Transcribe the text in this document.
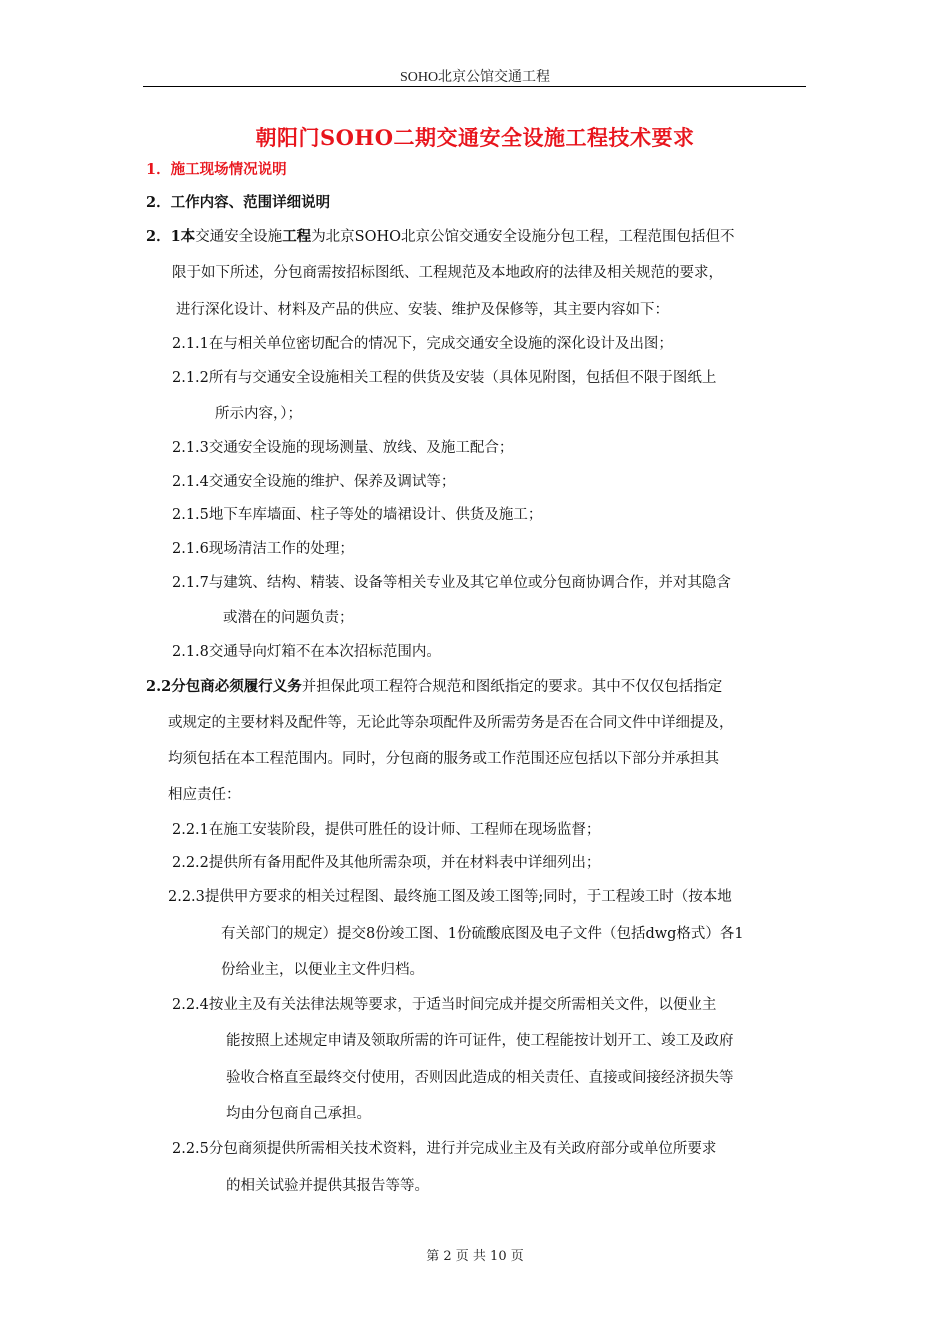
SOHO北京公馆交通工程
朝阳门SOHO二期交通安全设施工程技术要求
1．施工现场情况说明
2．工作内容、范围详细说明
2．1本交通安全设施工程为北京SOHO北京公馆交通安全设施分包工程，工程范围包括但不
限于如下所述，分包商需按招标图纸、工程规范及本地政府的法律及相关规范的要求，
进行深化设计、材料及产品的供应、安装、维护及保修等，其主要内容如下：
2.1.1在与相关单位密切配合的情况下，完成交通安全设施的深化设计及出图；
2.1.2所有与交通安全设施相关工程的供货及安装（具体见附图，包括但不限于图纸上
所示内容，）；
2.1.3交通安全设施的现场测量、放线、及施工配合；
2.1.4交通安全设施的维护、保养及调试等；
2.1.5地下车库墙面、柱子等处的墙裙设计、供货及施工；
2.1.6现场清洁工作的处理；
2.1.7与建筑、结构、精装、设备等相关专业及其它单位或分包商协调合作，并对其隐含
或潜在的问题负责；
2.1.8交通导向灯箱不在本次招标范围内。
2.2分包商必须履行义务并担保此项工程符合规范和图纸指定的要求。其中不仅仅包括指定
或规定的主要材料及配件等，无论此等杂项配件及所需劳务是否在合同文件中详细提及，
均须包括在本工程范围内。同时，分包商的服务或工作范围还应包括以下部分并承担其
相应责任：
2.2.1在施工安装阶段，提供可胜任的设计师、工程师在现场监督；
2.2.2提供所有备用配件及其他所需杂项，并在材料表中详细列出；
2.2.3提供甲方要求的相关过程图、最终施工图及竣工图等;同时，于工程竣工时（按本地
有关部门的规定）提交8份竣工图、1份硫酸底图及电子文件（包括dwg格式）各1
份给业主，以便业主文件归档。
2.2.4按业主及有关法律法规等要求，于适当时间完成并提交所需相关文件，以便业主
能按照上述规定申请及领取所需的许可证件，使工程能按计划开工、竣工及政府
验收合格直至最终交付使用，否则因此造成的相关责任、直接或间接经济损失等
均由分包商自己承担。
2.2.5分包商须提供所需相关技术资料，进行并完成业主及有关政府部分或单位所要求
的相关试验并提供其报告等等。
第 2 页 共 10 页
